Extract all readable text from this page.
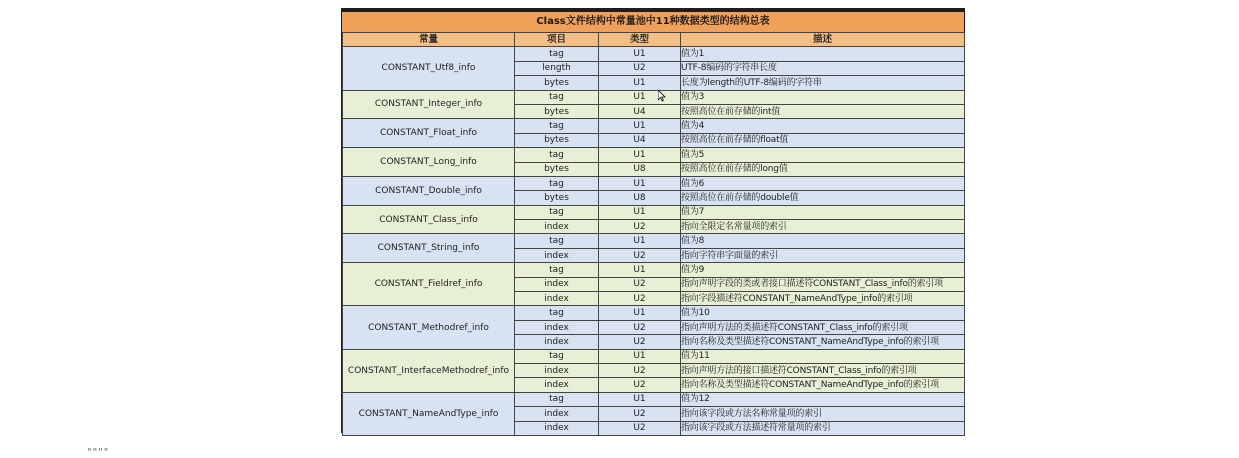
Class文件结构中常量池中11种数据类型的结构总表
常量	项目	类型	描述
CONSTANT_Utf8_info	tag	U1	值为1
	length	U2	UTF-8编码的字符串长度
	bytes	U1	长度为length的UTF-8编码的字符串
CONSTANT_Integer_info	tag	U1	值为3
	bytes	U4	按照高位在前存储的int值
CONSTANT_Float_info	tag	U1	值为4
	bytes	U4	按照高位在前存储的float值
CONSTANT_Long_info	tag	U1	值为5
	bytes	U8	按照高位在前存储的long值
CONSTANT_Double_info	tag	U1	值为6
	bytes	U8	按照高位在前存储的double值
CONSTANT_Class_info	tag	U1	值为7
	index	U2	指向全限定名常量项的索引
CONSTANT_String_info	tag	U1	值为8
	index	U2	指向字符串字面量的索引
CONSTANT_Fieldref_info	tag	U1	值为9
	index	U2	指向声明字段的类或者接口描述符CONSTANT_Class_info的索引项
	index	U2	指向字段描述符CONSTANT_NameAndType_info的索引项
CONSTANT_Methodref_info	tag	U1	值为10
	index	U2	指向声明方法的类描述符CONSTANT_Class_info的索引项
	index	U2	指向名称及类型描述符CONSTANT_NameAndType_info的索引项
CONSTANT_InterfaceMethodref_info	tag	U1	值为11
	index	U2	指向声明方法的接口描述符CONSTANT_Class_info的索引项
	index	U2	指向名称及类型描述符CONSTANT_NameAndType_info的索引项
CONSTANT_NameAndType_info	tag	U1	值为12
	index	U2	指向该字段或方法名称常量项的索引
	index	U2	指向该字段或方法描述符常量项的索引
""""
